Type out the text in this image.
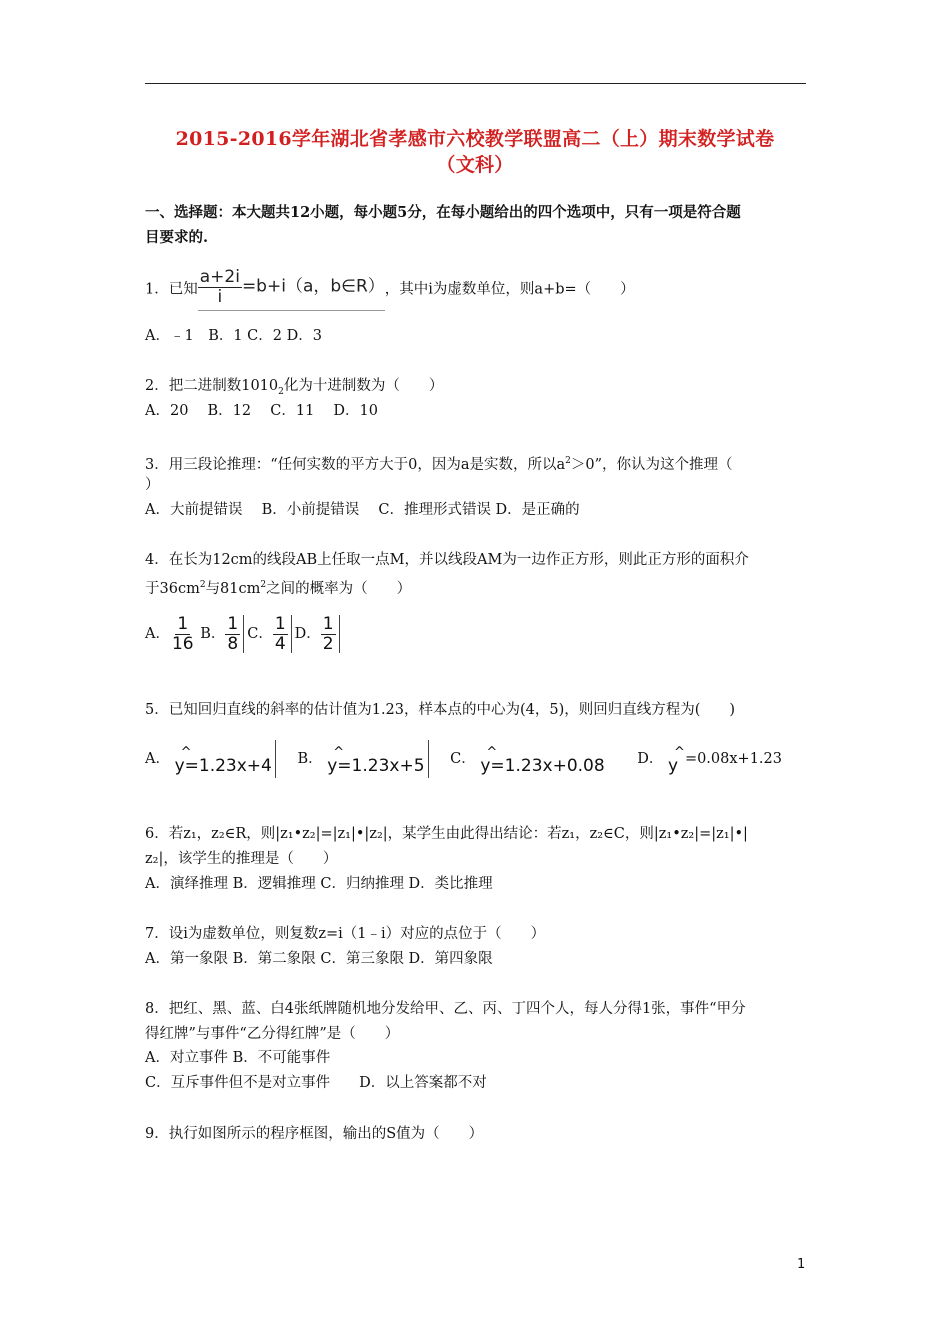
2015-2016学年湖北省孝感市六校教学联盟高二（上）期末数学试卷
（文科）
一、选择题：本大题共12小题，每小题5分，在每小题给出的四个选项中，只有一项是符合题
目要求的.
1．已知 $\frac{a+2i}{i} =b+i(a$，b∈R），其中i为虚数单位，则a+b=（　　）
A．﹣1　B．1 C．2 D．3
2．把二进制数$1010_2$化为十进制数为（　　）
A．20　 B．12　 C．11　 D．10
3．用三段论推理：“任何实数的平方大于0，因为a是实数，所以$a^2>0$”，你认为这个推理（
）
A．大前提错误　 B．小前提错误　 C．推理形式错误 D．是正确的
4．在长为12cm的线段AB上任取一点M，并以线段AM为一边作正方形，则此正方形的面积介
于$36cm^2$与$81cm^2$之间的概率为（　　）
A． $\frac{1}{16}$ B． $\frac{1}{8}$ C． $\frac{1}{4}$ D． $\frac{1}{2}$
5．已知回归直线的斜率的估计值为1.23，样本点的中心为(4，5)，则回归直线方程为(　　)
A． ^
y=1.23x+4 B． ^
y=1.23x+5 C． ^
y=1.23x+0.08 D． ^
y =0.08x+1.23
6．若z₁，z₂∈R，则|z₁•z₂|=|z₁|•|z₂|，某学生由此得出结论：若z₁，z₂∈C，则|z₁•z₂|=|z₁|•|
z₂|，该学生的推理是（　　）
A．演绎推理 B．逻辑推理 C．归纳推理 D．类比推理
7．设i为虚数单位，则复数z=i（1﹣i）对应的点位于（　　）
A．第一象限 B．第二象限 C．第三象限 D．第四象限
8．把红、黑、蓝、白4张纸牌随机地分发给甲、乙、丙、丁四个人，每人分得1张，事件“甲分
得红牌”与事件“乙分得红牌”是（　　）
A．对立事件 B．不可能事件
C．互斥事件但不是对立事件　　D．以上答案都不对
9．执行如图所示的程序框图，输出的S值为（　　）
1
